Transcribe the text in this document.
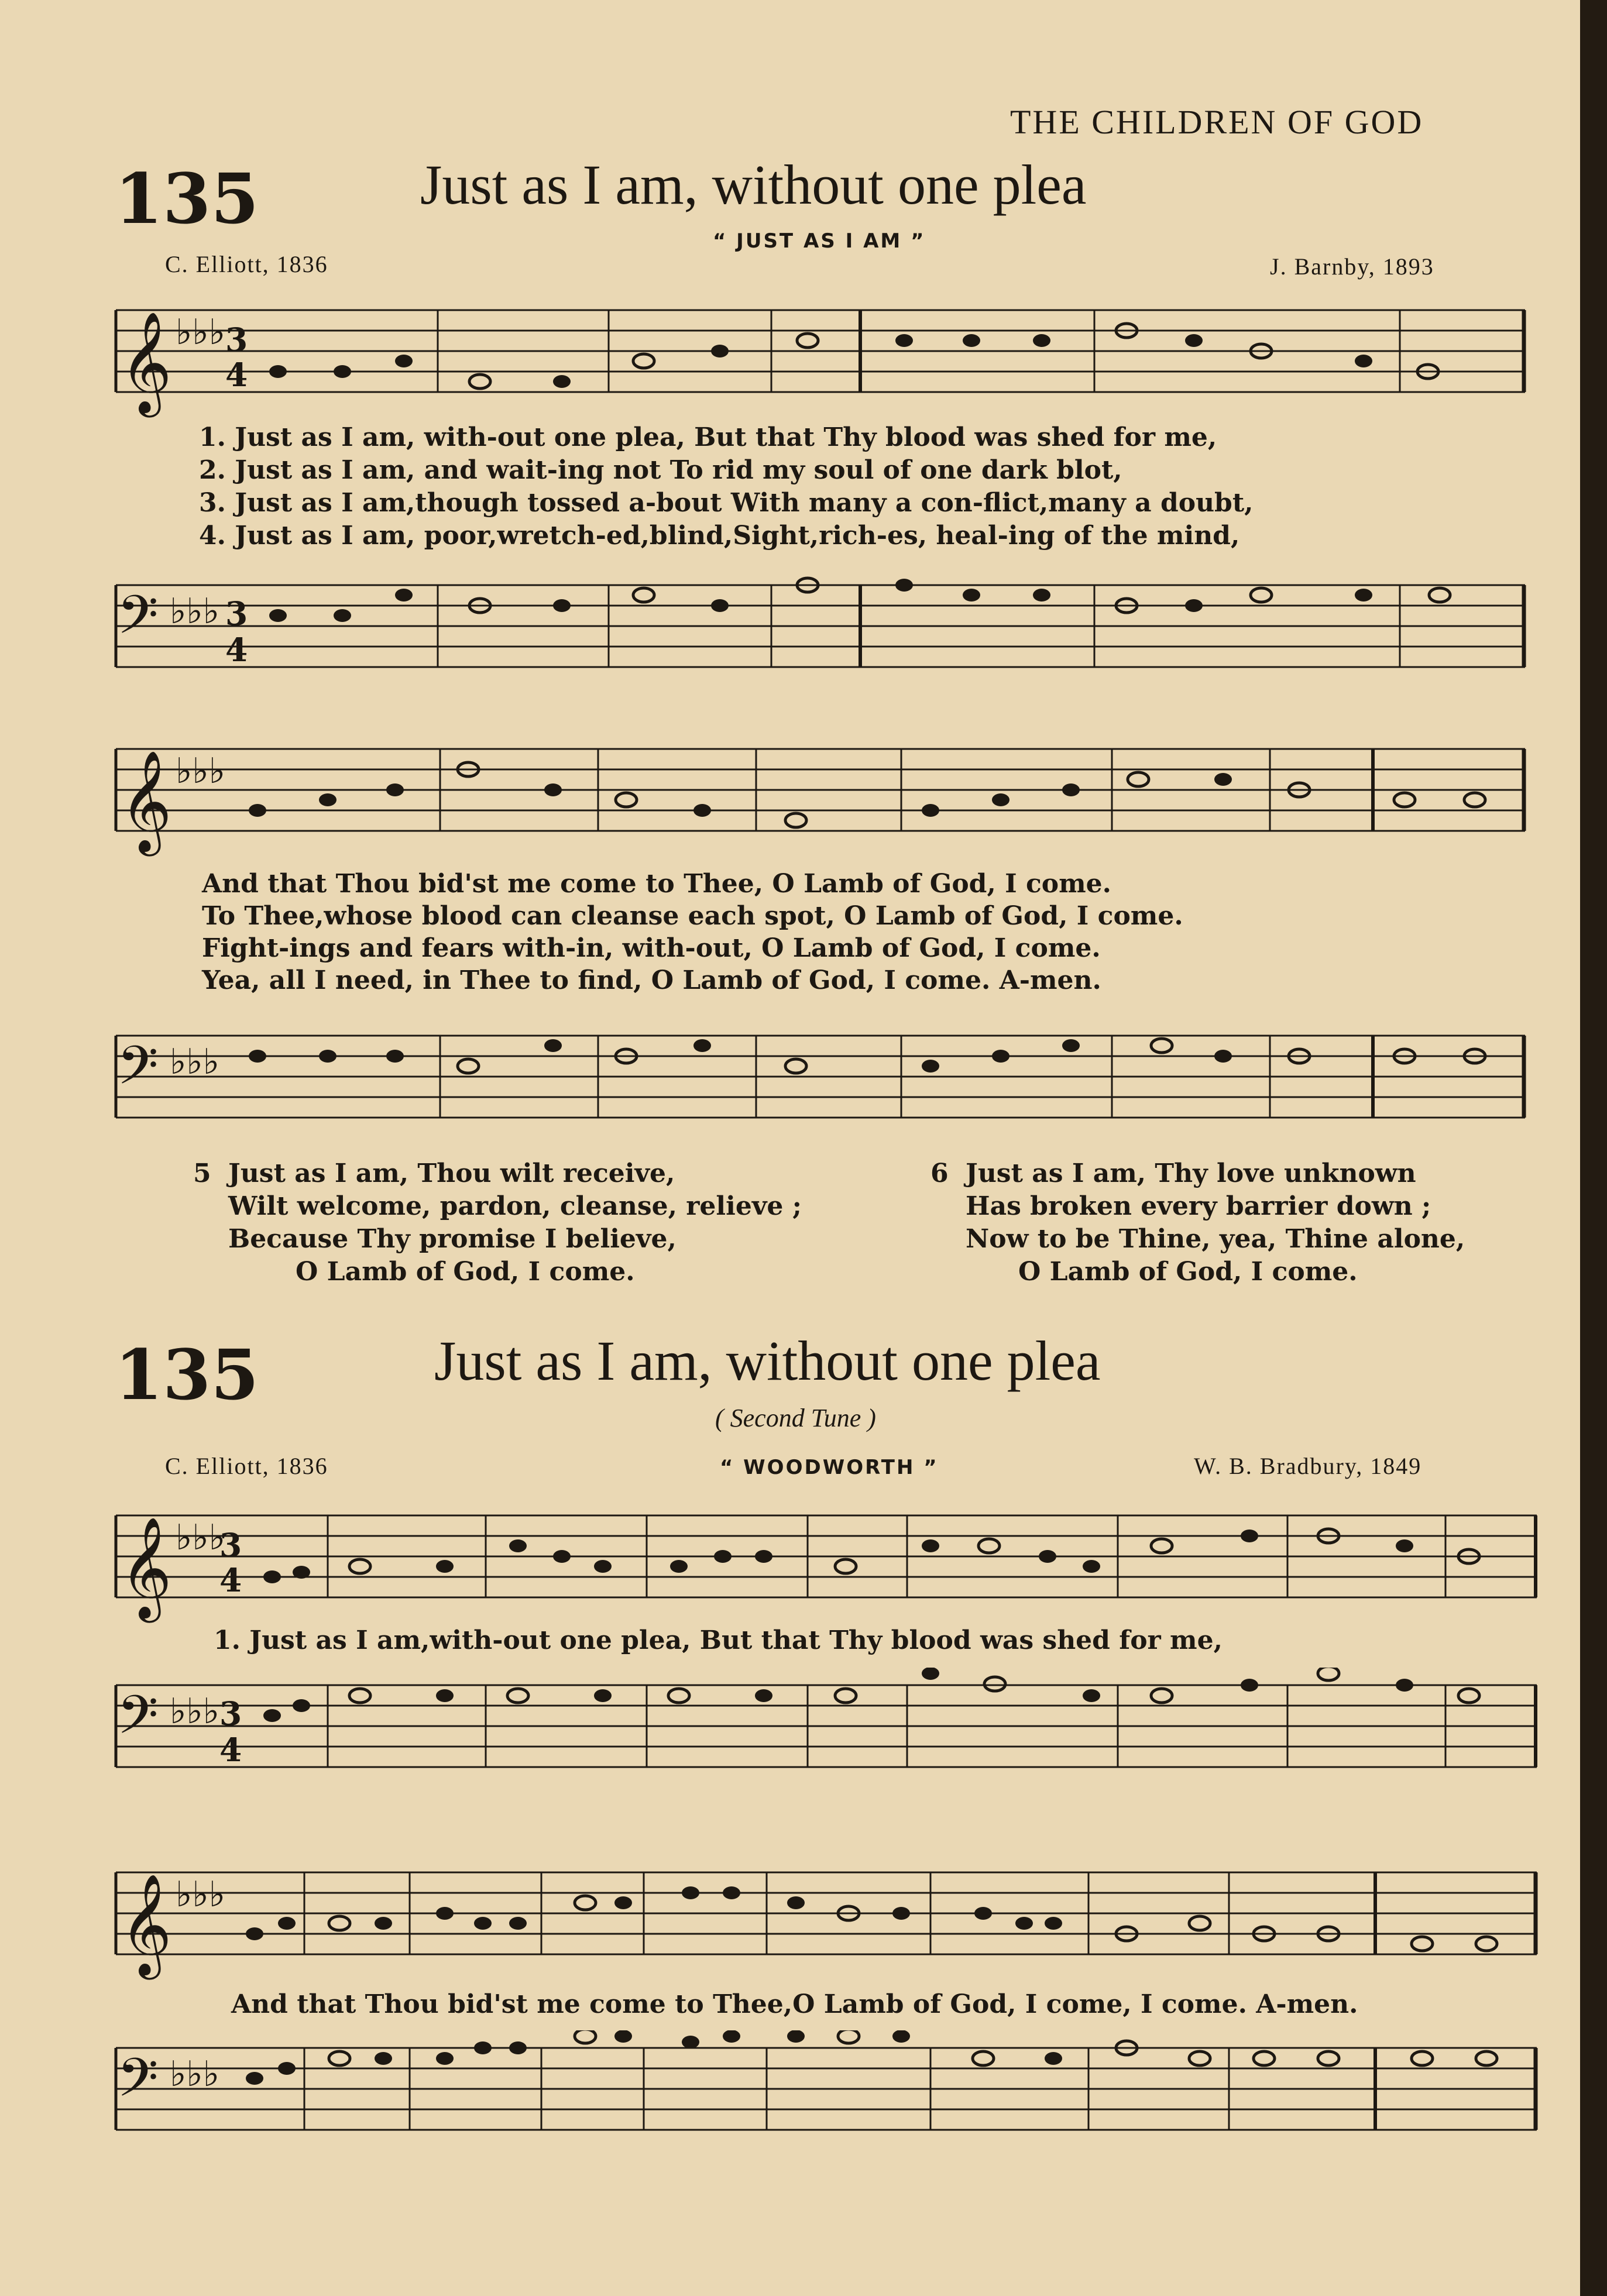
THE CHILDREN OF GOD
135	Just as I am, without one plea
“ JUST AS I AM ”
C. Elliott, 1836	J. Barnby, 1893
𝄞 ♭♭♭ 3
4
1. Just as I am, with-out one plea, But that Thy blood was shed for me,
2. Just as I am, and wait-ing not To rid my soul of one dark blot,
3. Just as I am,though tossed a-bout With many a con-flict,many a doubt,
4. Just as I am, poor,wretch-ed,blind,Sight,rich-es, heal-ing of the mind,
𝄢 ♭♭♭ 3
4
𝄞 ♭♭♭
And that Thou bid'st me come to Thee, O Lamb of God, I come.
To Thee,whose blood can cleanse each spot, O Lamb of God, I come.
Fight-ings and fears with-in, with-out, O Lamb of God, I come.
Yea, all I need, in Thee to find, O Lamb of God, I come. A-men.
𝄢 ♭♭♭
5 Just as I am, Thou wilt receive,
Wilt welcome, pardon, cleanse, relieve ;
Because Thy promise I believe,
O Lamb of God, I come.
6 Just as I am, Thy love unknown
Has broken every barrier down ;
Now to be Thine, yea, Thine alone,
O Lamb of God, I come.
135	Just as I am, without one plea
( Second Tune )
C. Elliott, 1836	“ WOODWORTH ”	W. B. Bradbury, 1849
𝄞 ♭♭♭
3
4
1. Just as I am,with-out one plea, But that Thy blood was shed for me,
𝄢 ♭♭♭ 3
4
𝄞 ♭♭♭
And that Thou bid'st me come to Thee,O Lamb of God, I come, I come. A-men.
𝄢 ♭♭♭
